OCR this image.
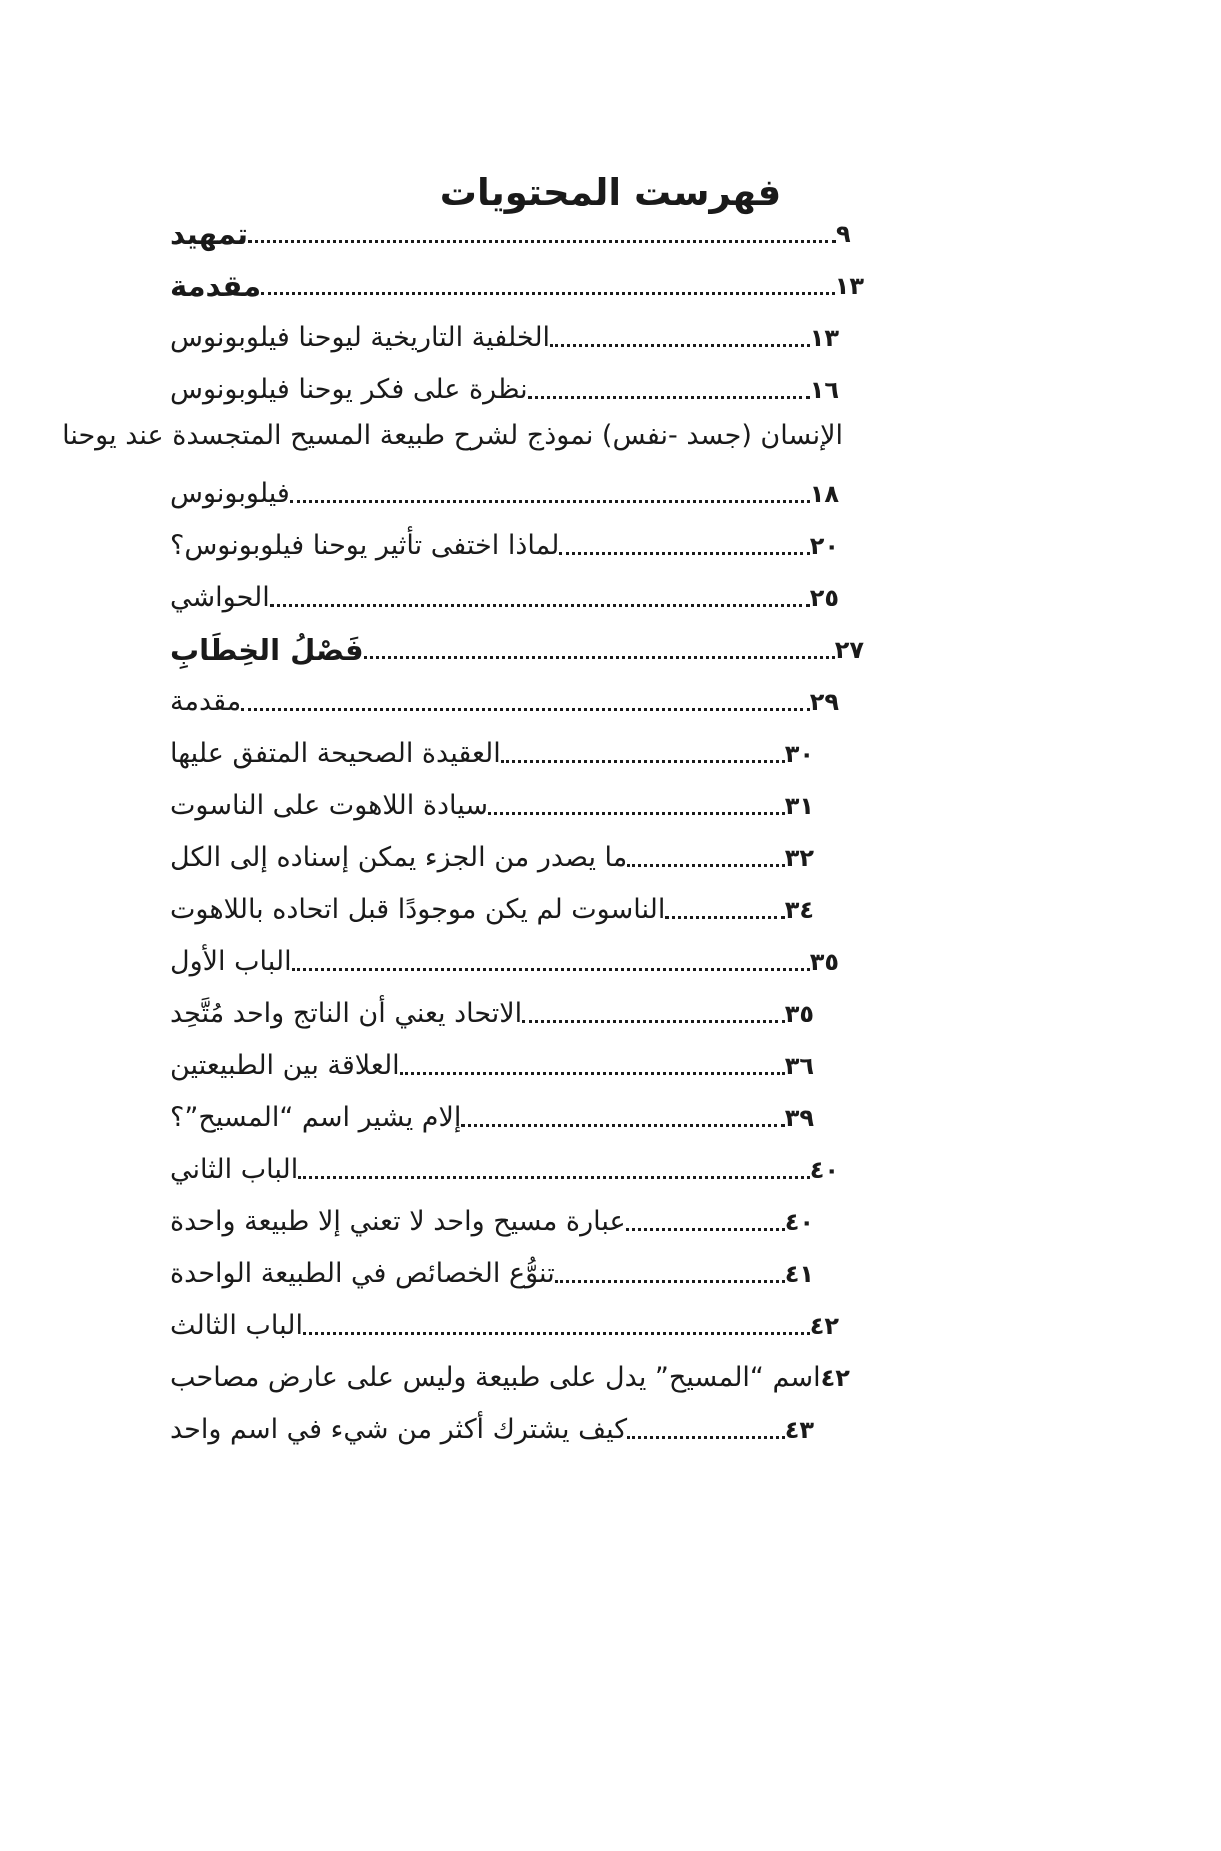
فهرست المحتويات
تمهيد	٩
مقدمة	١٣
الخلفية التاريخية ليوحنا فيلوبونوس	١٣
نظرة على فكر يوحنا فيلوبونوس	١٦
الإنسان (جسد -نفس) نموذج لشرح طبيعة المسيح المتجسدة عند يوحنا
فيلوبونوس	١٨
لماذا اختفى تأثير يوحنا فيلوبونوس؟	٢٠
الحواشي	٢٥
فَصْلُ الخِطَابِ	٢٧
مقدمة	٢٩
العقيدة الصحيحة المتفق عليها	٣٠
سيادة اللاهوت على الناسوت	٣١
ما يصدر من الجزء يمكن إسناده إلى الكل	٣٢
الناسوت لم يكن موجودًا قبل اتحاده باللاهوت	٣٤
الباب الأول	٣٥
الاتحاد يعني أن الناتج واحد مُتَّحِد	٣٥
العلاقة بين الطبيعتين	٣٦
إلام يشير اسم “المسيح”؟	٣٩
الباب الثاني	٤٠
عبارة مسيح واحد لا تعني إلا طبيعة واحدة	٤٠
تنوُّع الخصائص في الطبيعة الواحدة	٤١
الباب الثالث	٤٢
اسم “المسيح” يدل على طبيعة وليس على عارض مصاحب ٤٢
كيف يشترك أكثر من شيء في اسم واحد	٤٣
